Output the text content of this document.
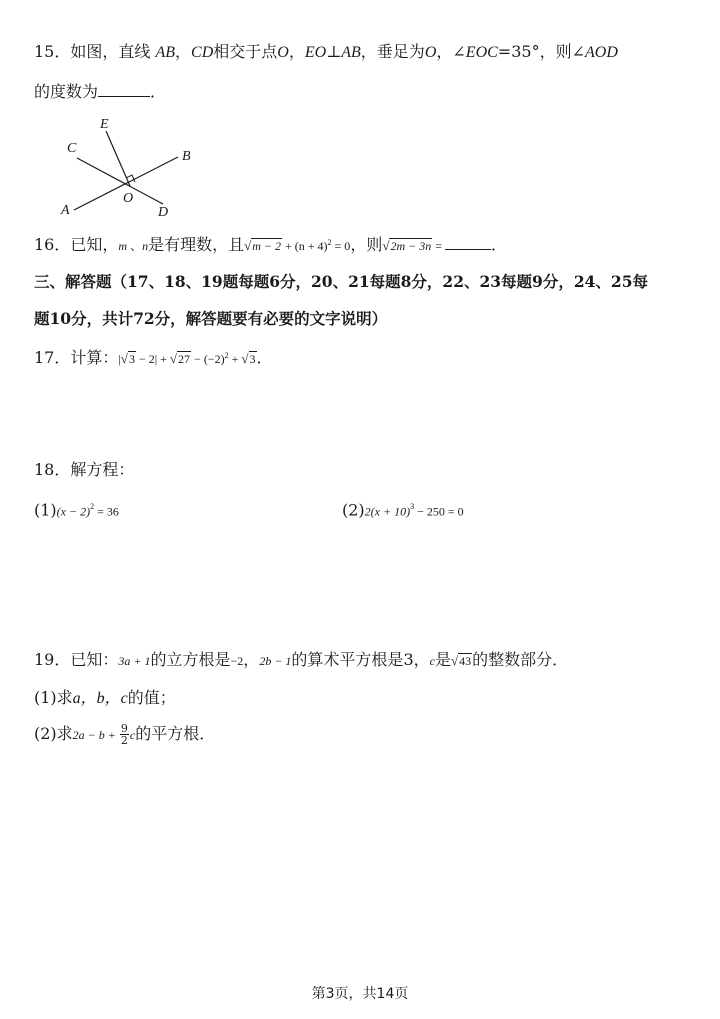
15．如图，直线 AB，CD相交于点O，EO⊥AB，垂足为O，∠EOC=35°，则∠AOD
的度数为	．
E
C
B
O
A	D
16．已知，m 、n是有理数，且$√m - 2 + (n + 4)^2 = 0$，则√2m − 3n =	．
三、解答题（17、18、19题每题6分，20、21每题8分，22、23每题9分，24、25每
题10分，共计72分，解答题要有必要的文字说明）
17．计算：$|√3 - 2| + √27 - (-2)^2 + √3$．
18．解方程：
$(1)(x - 2)^2 = 36$	$(2)2(x + 10)^3 - 250 = 0$
19．已知：3a + 1的立方根是−2，2b − 1的算术平方根是3，c是√43的整数部分．
(1)求a，b，c的值；
(2)求$2a - b + \frac{9}{2}$ c的平方根．
第3页，共14页
